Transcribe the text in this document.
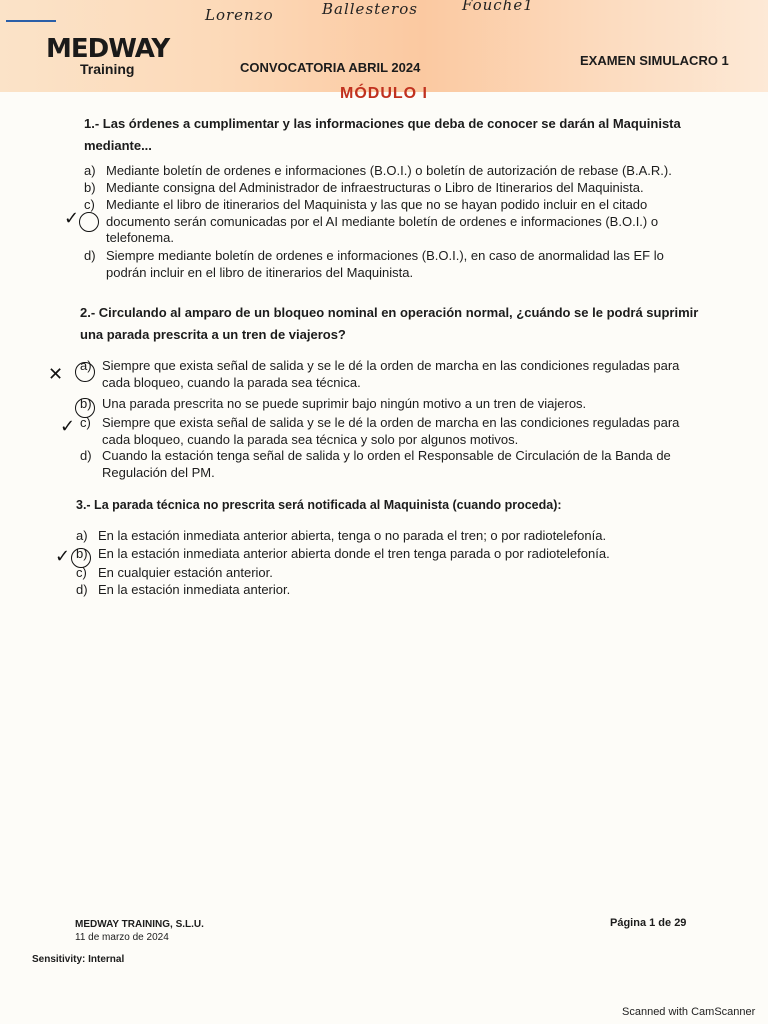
Lorenzo	Ballesteros	Fouche1
MEDWAY
Training	CONVOCATORIA ABRIL 2024	EXAMEN SIMULACRO 1
MÓDULO I
1.- Las órdenes a cumplimentar y las informaciones que deba de conocer se darán al Maquinista mediante...
a) Mediante boletín de ordenes e informaciones (B.O.I.) o boletín de autorización de rebase (B.A.R.).
b) Mediante consigna del Administrador de infraestructuras o Libro de Itinerarios del Maquinista.
c) Mediante el libro de itinerarios del Maquinista y las que no se hayan podido incluir en el citado documento serán comunicadas por el AI mediante boletín de ordenes e informaciones (B.O.I.) o telefonema.
d) Siempre mediante boletín de ordenes e informaciones (B.O.I.), en caso de anormalidad las EF lo podrán incluir en el libro de itinerarios del Maquinista.
✓
2.- Circulando al amparo de un bloqueo nominal en operación normal, ¿cuándo se le podrá suprimir una parada prescrita a un tren de viajeros?
a) Siempre que exista señal de salida y se le dé la orden de marcha en las condiciones reguladas para cada bloqueo, cuando la parada sea técnica.
b) Una parada prescrita no se puede suprimir bajo ningún motivo a un tren de viajeros.
c) Siempre que exista señal de salida y se le dé la orden de marcha en las condiciones reguladas para cada bloqueo, cuando la parada sea técnica y solo por algunos motivos.
d) Cuando la estación tenga señal de salida y lo orden el Responsable de Circulación de la Banda de Regulación del PM.
✕
✓
3.- La parada técnica no prescrita será notificada al Maquinista (cuando proceda):
a) En la estación inmediata anterior abierta, tenga o no parada el tren; o por radiotelefonía.
b) En la estación inmediata anterior abierta donde el tren tenga parada o por radiotelefonía.
c) En cualquier estación anterior.
d) En la estación inmediata anterior.
✓
MEDWAY TRAINING, S.L.U.
11 de marzo de 2024
Página 1 de 29
Sensitivity: Internal
Scanned with CamScanner
